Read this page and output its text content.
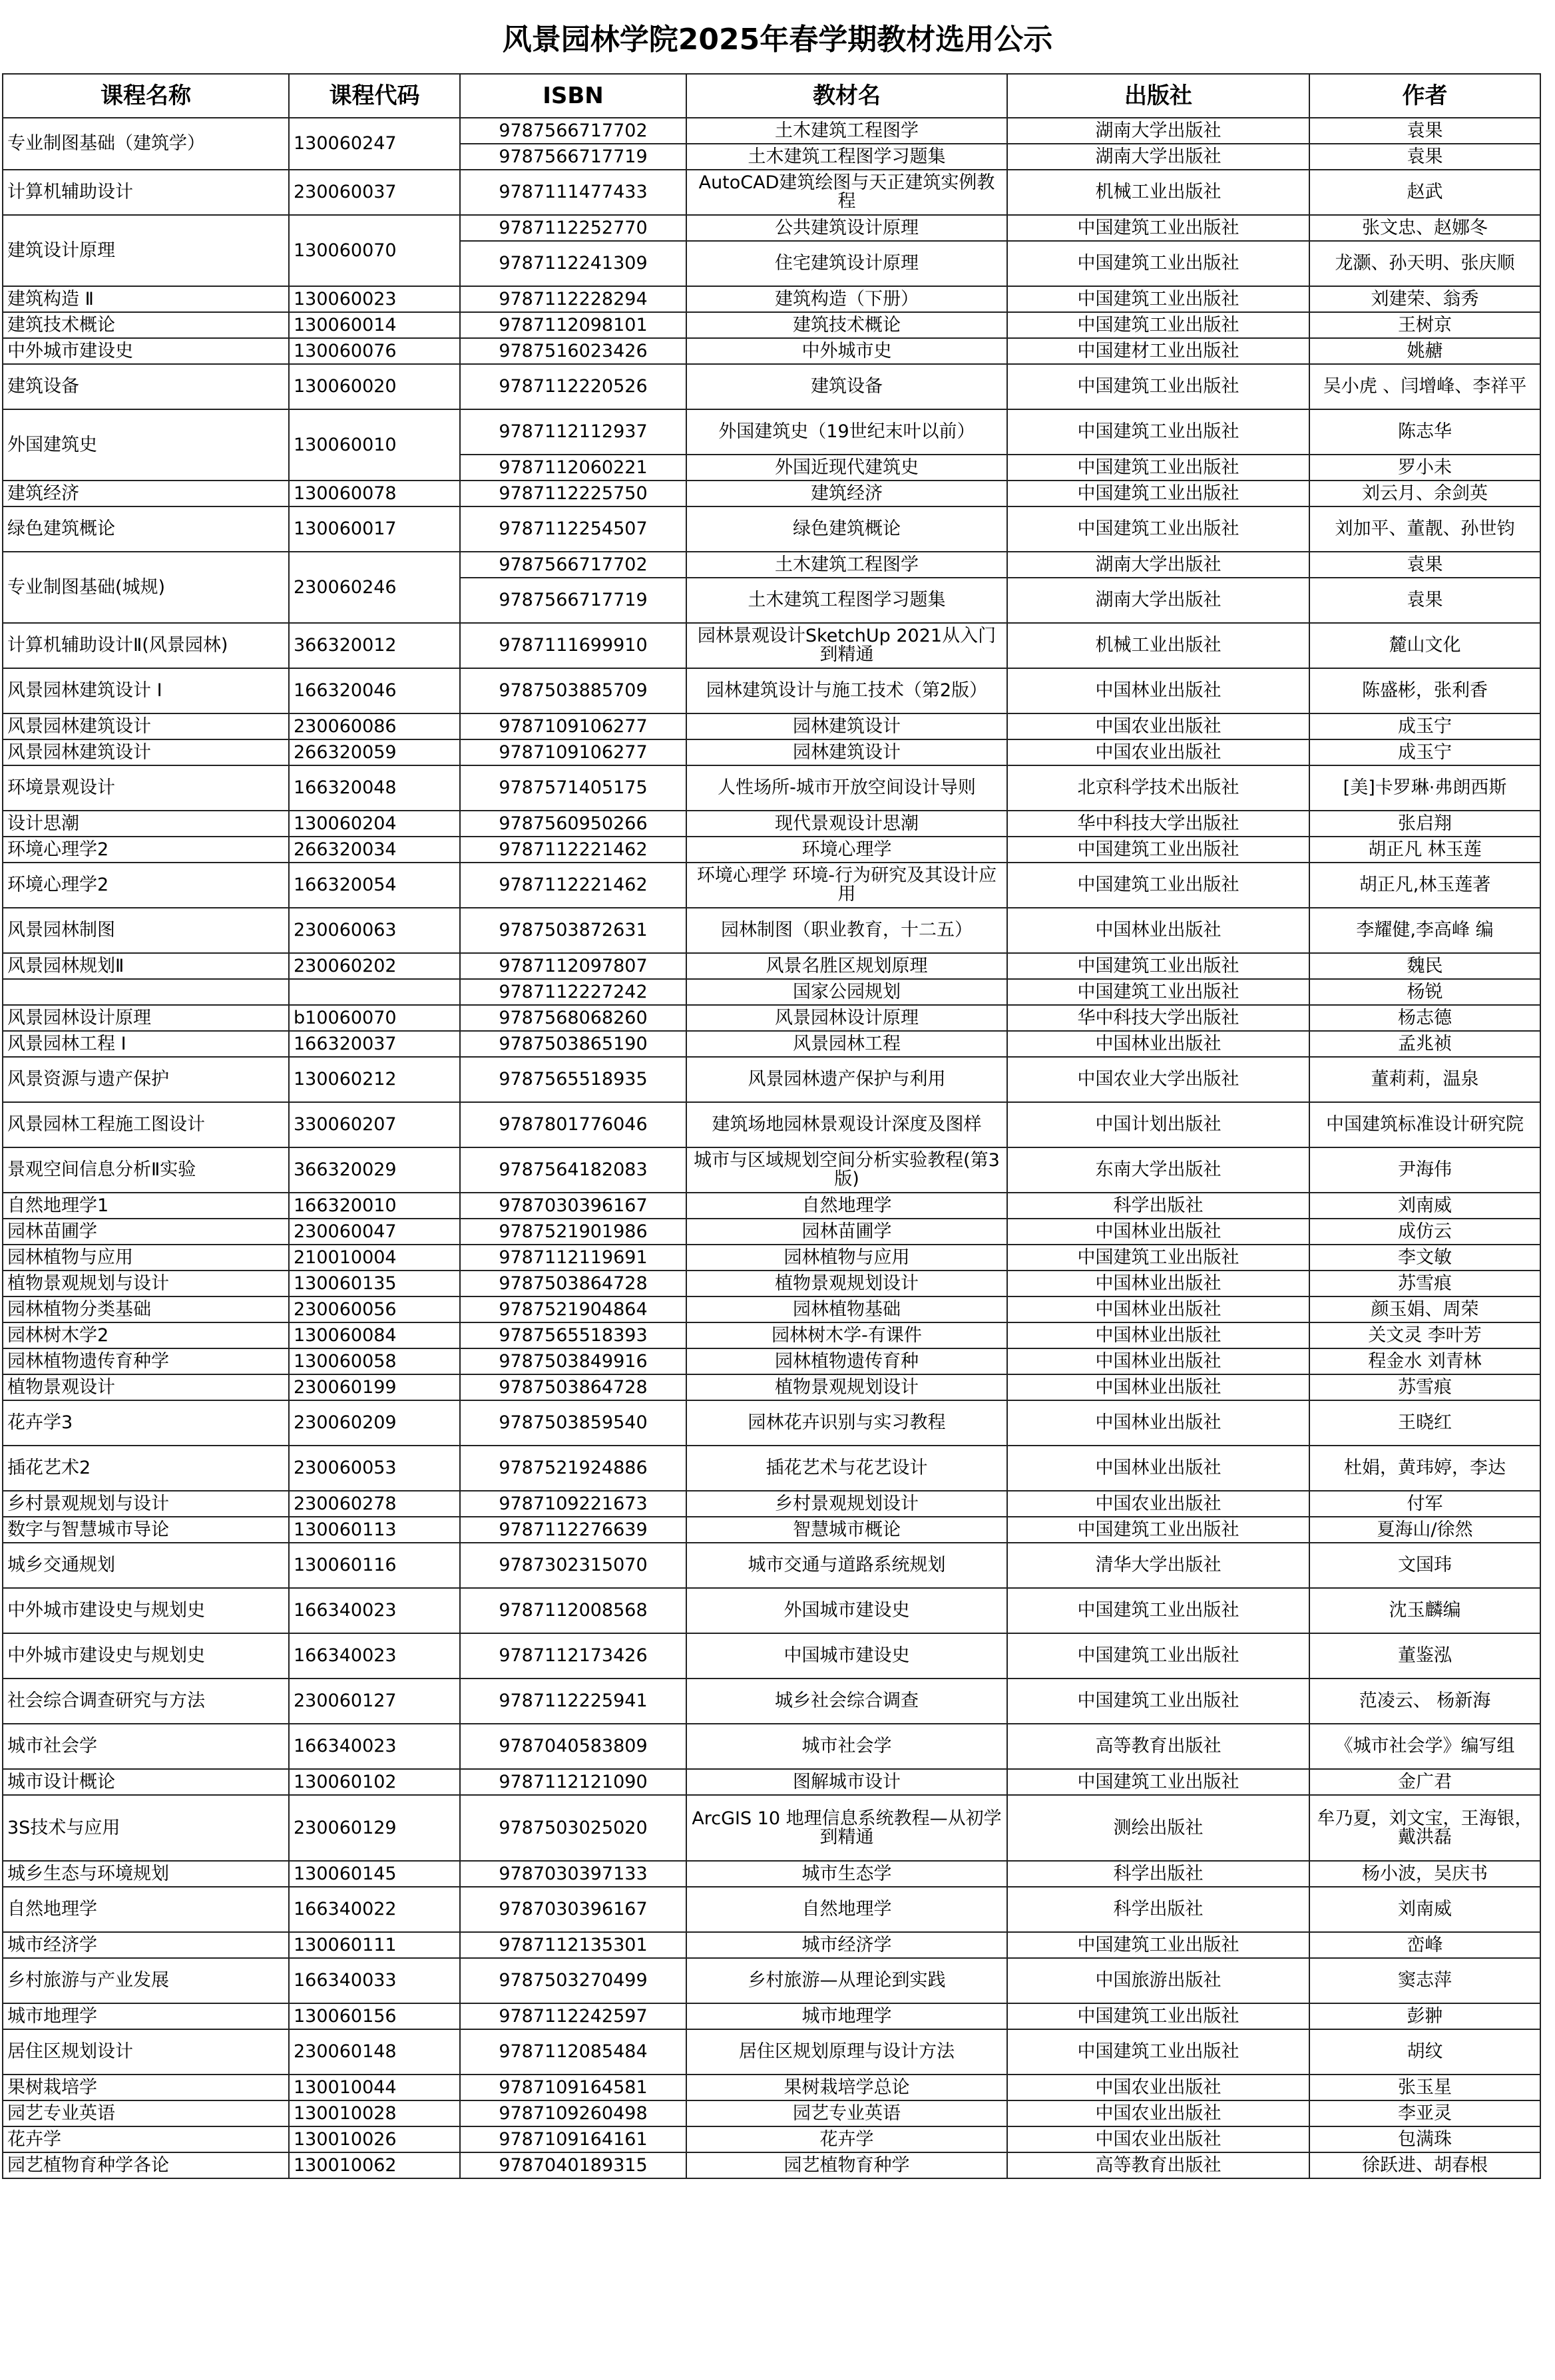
风景园林学院2025年春学期教材选用公示
课程名称	课程代码	ISBN	教材名	出版社	作者
专业制图基础（建筑学）	130060247	9787566717702	土木建筑工程图学	湖南大学出版社	袁果
		9787566717719	土木建筑工程图学习题集	湖南大学出版社	袁果
计算机辅助设计	230060037	9787111477433	AutoCAD建筑绘图与天正建筑实例教程	机械工业出版社	赵武
建筑设计原理	130060070	9787112252770	公共建筑设计原理	中国建筑工业出版社	张文忠、赵娜冬
		9787112241309	住宅建筑设计原理	中国建筑工业出版社	龙灏、孙天明、张庆顺
建筑构造 Ⅱ	130060023	9787112228294	建筑构造（下册）	中国建筑工业出版社	刘建荣、翁秀
建筑技术概论	130060014	9787112098101	建筑技术概论	中国建筑工业出版社	王树京
中外城市建设史	130060076	9787516023426	中外城市史	中国建材工业出版社	姚赯
建筑设备	130060020	9787112220526	建筑设备	中国建筑工业出版社	吴小虎 、闫增峰、李祥平
外国建筑史	130060010	9787112112937	外国建筑史（19世纪末叶以前）	中国建筑工业出版社	陈志华
		9787112060221	外国近现代建筑史	中国建筑工业出版社	罗小未
建筑经济	130060078	9787112225750	建筑经济	中国建筑工业出版社	刘云月、余剑英
绿色建筑概论	130060017	9787112254507	绿色建筑概论	中国建筑工业出版社	刘加平、董靓、孙世钧
专业制图基础(城规)	230060246	9787566717702	土木建筑工程图学	湖南大学出版社	袁果
		9787566717719	土木建筑工程图学习题集	湖南大学出版社	袁果
计算机辅助设计Ⅱ(风景园林)	366320012	9787111699910	园林景观设计SketchUp 2021从入门到精通	机械工业出版社	麓山文化
风景园林建筑设计 Ⅰ	166320046	9787503885709	园林建筑设计与施工技术（第2版）	中国林业出版社	陈盛彬，张利香
风景园林建筑设计	230060086	9787109106277	园林建筑设计	中国农业出版社	成玉宁
风景园林建筑设计	266320059	9787109106277	园林建筑设计	中国农业出版社	成玉宁
环境景观设计	166320048	9787571405175	人性场所-城市开放空间设计导则	北京科学技术出版社	[美]卡罗琳·弗朗西斯
设计思潮	130060204	9787560950266	现代景观设计思潮	华中科技大学出版社	张启翔
环境心理学2	266320034	9787112221462	环境心理学	中国建筑工业出版社	胡正凡 林玉莲
环境心理学2	166320054	9787112221462	环境心理学 环境-行为研究及其设计应用	中国建筑工业出版社	胡正凡,林玉莲著
风景园林制图	230060063	9787503872631	园林制图（职业教育，十二五）	中国林业出版社	李耀健,李高峰 编
风景园林规划Ⅱ	230060202	9787112097807	风景名胜区规划原理	中国建筑工业出版社	魏民
		9787112227242	国家公园规划	中国建筑工业出版社	杨锐
风景园林设计原理	b10060070	9787568068260	风景园林设计原理	华中科技大学出版社	杨志德
风景园林工程 Ⅰ	166320037	9787503865190	风景园林工程	中国林业出版社	孟兆祯
风景资源与遗产保护	130060212	9787565518935	风景园林遗产保护与利用	中国农业大学出版社	董莉莉，温泉
风景园林工程施工图设计	330060207	9787801776046	建筑场地园林景观设计深度及图样	中国计划出版社	中国建筑标准设计研究院
景观空间信息分析Ⅱ实验	366320029	9787564182083	城市与区域规划空间分析实验教程(第3版)	东南大学出版社	尹海伟
自然地理学1	166320010	9787030396167	自然地理学	科学出版社	刘南威
园林苗圃学	230060047	9787521901986	园林苗圃学	中国林业出版社	成仿云
园林植物与应用	210010004	9787112119691	园林植物与应用	中国建筑工业出版社	李文敏
植物景观规划与设计	130060135	9787503864728	植物景观规划设计	中国林业出版社	苏雪痕
园林植物分类基础	230060056	9787521904864	园林植物基础	中国林业出版社	颜玉娟、周荣
园林树木学2	130060084	9787565518393	园林树木学-有课件	中国林业出版社	关文灵 李叶芳
园林植物遗传育种学	130060058	9787503849916	园林植物遗传育种	中国林业出版社	程金水 刘青林
植物景观设计	230060199	9787503864728	植物景观规划设计	中国林业出版社	苏雪痕
花卉学3	230060209	9787503859540	园林花卉识别与实习教程	中国林业出版社	王晓红
插花艺术2	230060053	9787521924886	插花艺术与花艺设计	中国林业出版社	杜娟，黄玮婷，李达
乡村景观规划与设计	230060278	9787109221673	乡村景观规划设计	中国农业出版社	付军
数字与智慧城市导论	130060113	9787112276639	智慧城市概论	中国建筑工业出版社	夏海山/徐然
城乡交通规划	130060116	9787302315070	城市交通与道路系统规划	清华大学出版社	文国玮
中外城市建设史与规划史	166340023	9787112008568	外国城市建设史	中国建筑工业出版社	沈玉麟编
中外城市建设史与规划史	166340023	9787112173426	中国城市建设史	中国建筑工业出版社	董鉴泓
社会综合调查研究与方法	230060127	9787112225941	城乡社会综合调查	中国建筑工业出版社	范凌云、 杨新海
城市社会学	166340023	9787040583809	城市社会学	高等教育出版社	《城市社会学》编写组
城市设计概论	130060102	9787112121090	图解城市设计	中国建筑工业出版社	金广君
3S技术与应用	230060129	9787503025020	ArcGIS 10 地理信息系统教程—从初学到精通	测绘出版社	牟乃夏，刘文宝，王海银，戴洪磊
城乡生态与环境规划	130060145	9787030397133	城市生态学	科学出版社	杨小波，吴庆书
自然地理学	166340022	9787030396167	自然地理学	科学出版社	刘南威
城市经济学	130060111	9787112135301	城市经济学	中国建筑工业出版社	峦峰
乡村旅游与产业发展	166340033	9787503270499	乡村旅游—从理论到实践	中国旅游出版社	窦志萍
城市地理学	130060156	9787112242597	城市地理学	中国建筑工业出版社	彭翀
居住区规划设计	230060148	9787112085484	居住区规划原理与设计方法	中国建筑工业出版社	胡纹
果树栽培学	130010044	9787109164581	果树栽培学总论	中国农业出版社	张玉星
园艺专业英语	130010028	9787109260498	园艺专业英语	中国农业出版社	李亚灵
花卉学	130010026	9787109164161	花卉学	中国农业出版社	包满珠
园艺植物育种学各论	130010062	9787040189315	园艺植物育种学	高等教育出版社	徐跃进、胡春根
